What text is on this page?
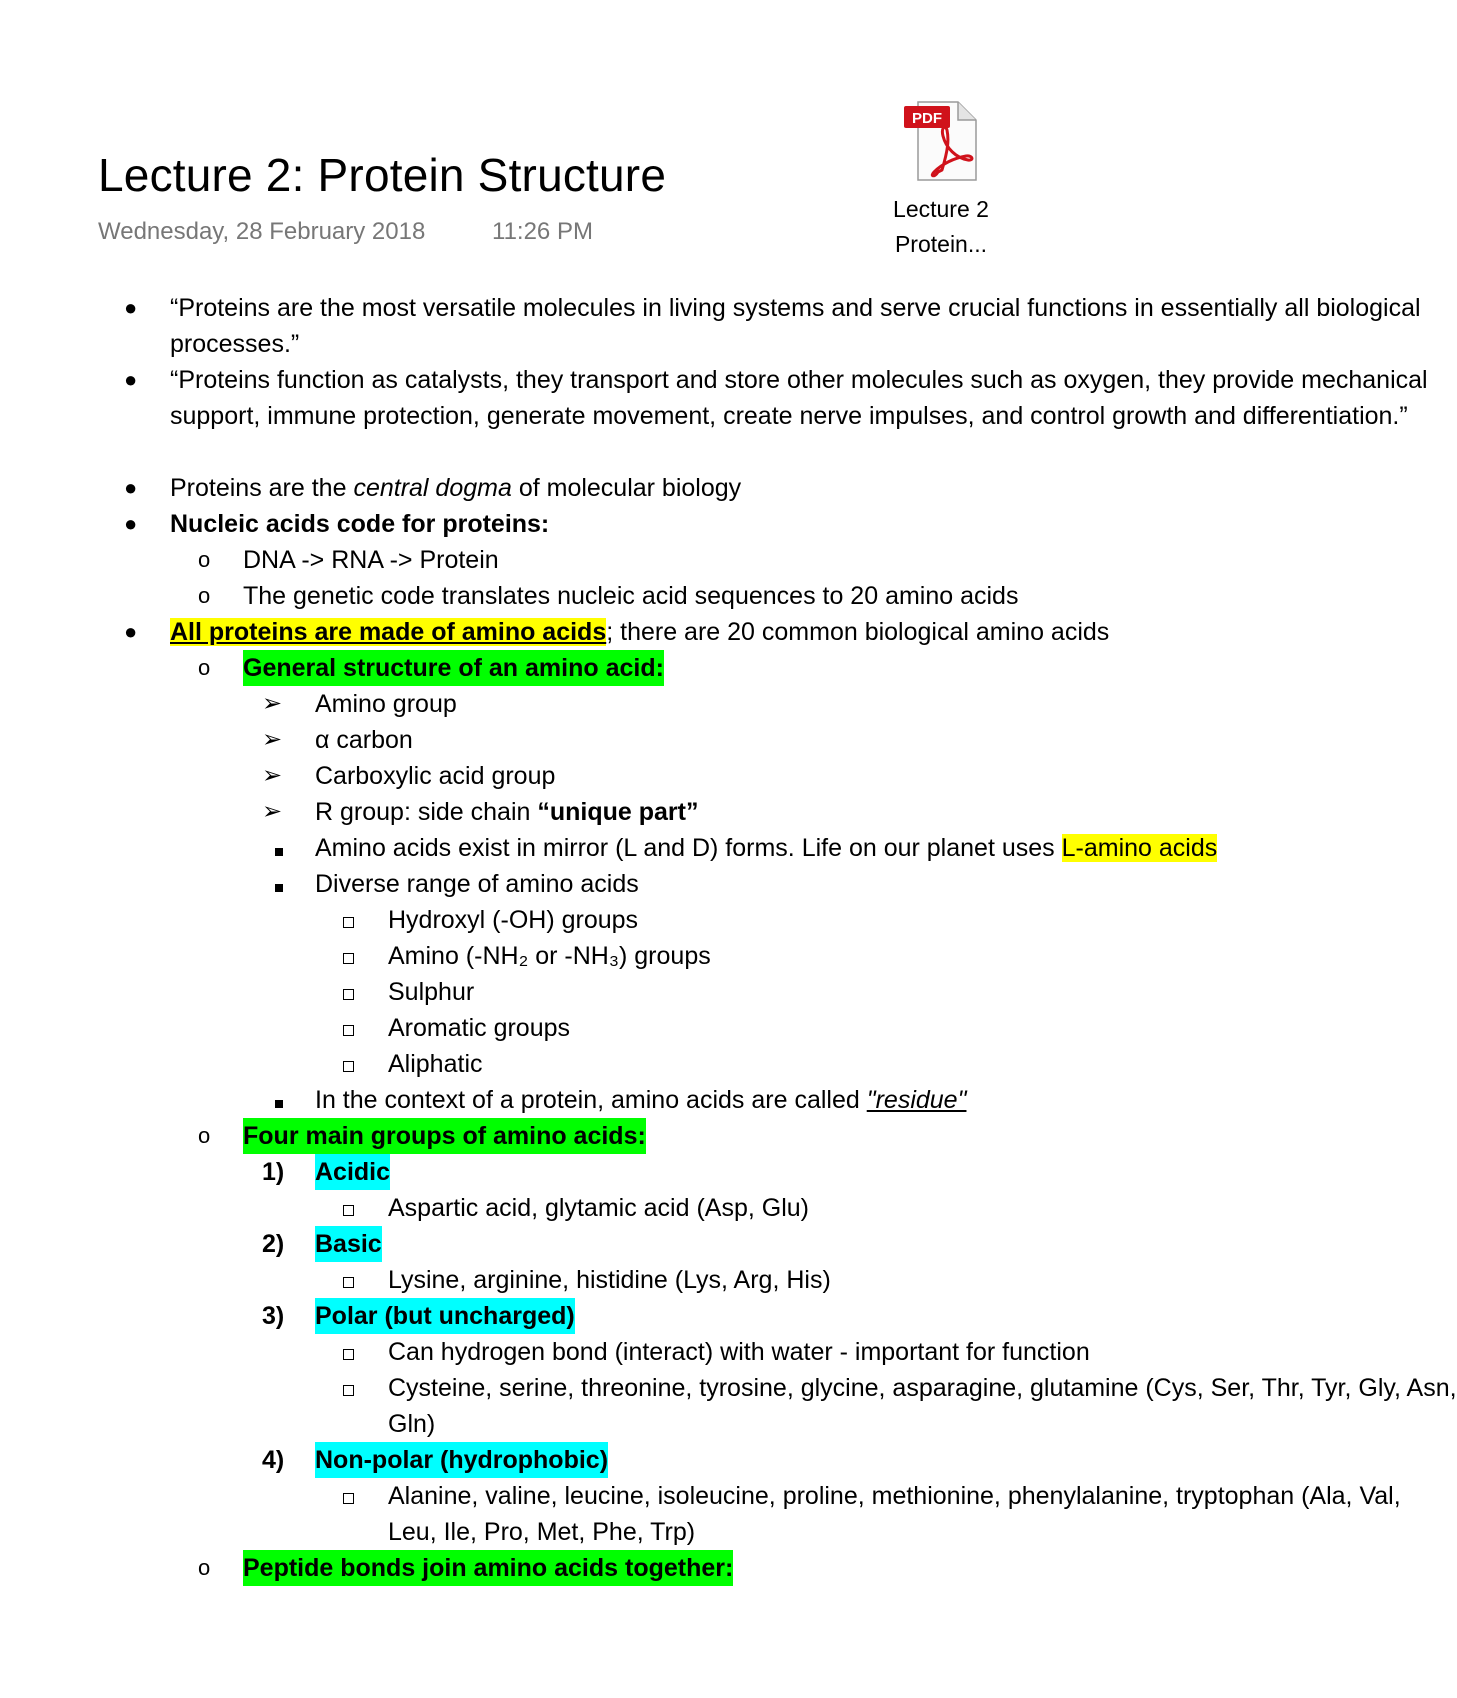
Lecture 2: Protein Structure
Wednesday, 28 February 2018	11:26 PM
PDF
Lecture 2
Protein...
● “Proteins are the most versatile molecules in living systems and serve crucial functions in essentially all biological
processes.”
● “Proteins function as catalysts, they transport and store other molecules such as oxygen, they provide mechanical
support, immune protection, generate movement, create nerve impulses, and control growth and differentiation.”
● Proteins are the central dogma of molecular biology
● Nucleic acids code for proteins:
o DNA -> RNA -> Protein
o The genetic code translates nucleic acid sequences to 20 amino acids
● All proteins are made of amino acids; there are 20 common biological amino acids
o General structure of an amino acid:
➢ Amino group
➢ α carbon
➢ Carboxylic acid group
➢ R group: side chain “unique part”
Amino acids exist in mirror (L and D) forms. Life on our planet uses L-amino acids
Diverse range of amino acids
Hydroxyl (-OH) groups
Amino (-NH₂ or -NH₃) groups
Sulphur
Aromatic groups
Aliphatic
In the context of a protein, amino acids are called "residue"
o Four main groups of amino acids:
1) Acidic
Aspartic acid, glytamic acid (Asp, Glu)
2) Basic
Lysine, arginine, histidine (Lys, Arg, His)
3) Polar (but uncharged)
Can hydrogen bond (interact) with water - important for function
Cysteine, serine, threonine, tyrosine, glycine, asparagine, glutamine (Cys, Ser, Thr, Tyr, Gly, Asn,
Gln)
4) Non-polar (hydrophobic)
Alanine, valine, leucine, isoleucine, proline, methionine, phenylalanine, tryptophan (Ala, Val,
Leu, Ile, Pro, Met, Phe, Trp)
o Peptide bonds join amino acids together:
